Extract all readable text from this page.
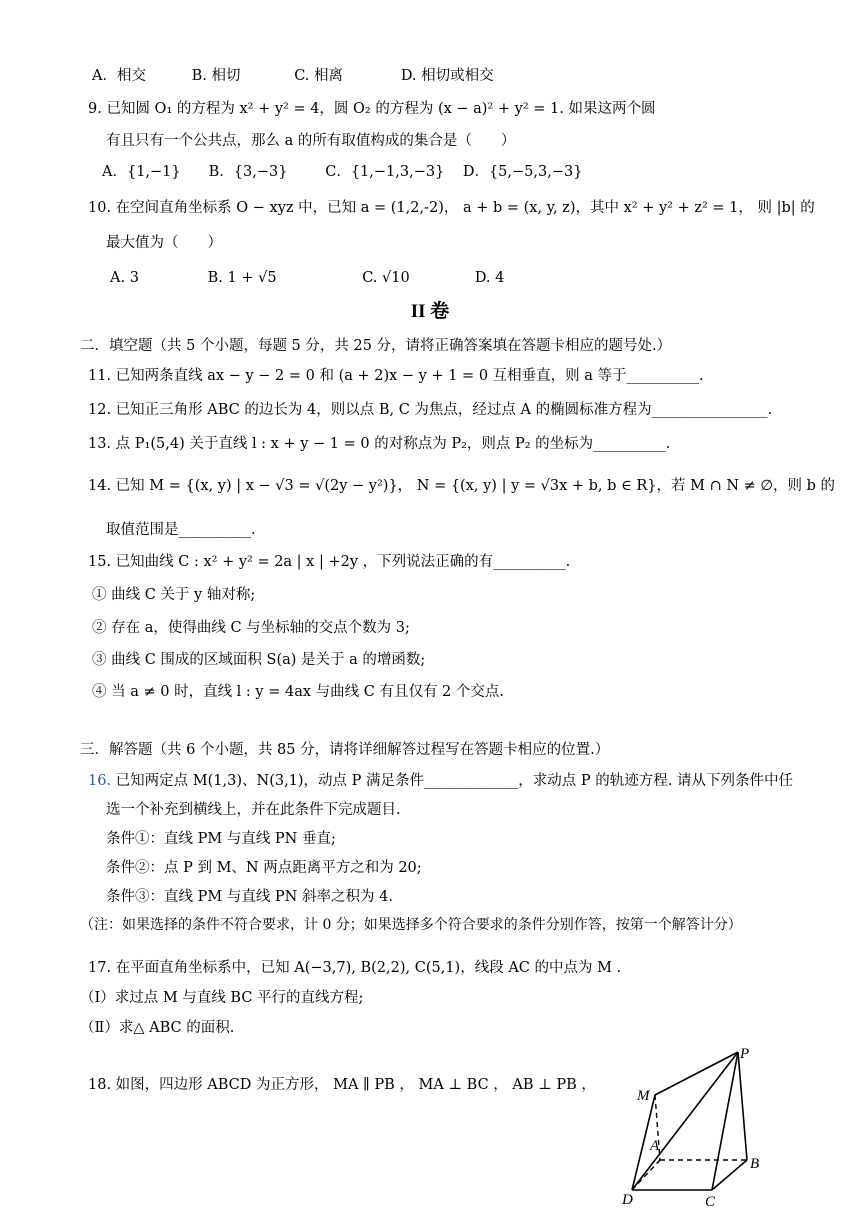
A．相交	B. 相切	C. 相离	D. 相切或相交
9. 已知圆 O₁ 的方程为 x² + y² = 4，圆 O₂ 的方程为 (x − a)² + y² = 1. 如果这两个圆
有且只有一个公共点，那么 a 的所有取值构成的集合是（　　）
A．{1,−1} B．{3,−3}	C．{1,−1,3,−3} D．{5,−5,3,−3}
10. 在空间直角坐标系 O − xyz 中，已知 a = (1,2,-2)， a + b = (x, y, z)，其中 x² + y² + z² = 1， 则 |b| 的
最大值为（　　）
A. 3	B. 1 + √5	C. √10	D. 4
II 卷
二．填空题（共 5 个小题，每题 5 分，共 25 分，请将正确答案填在答题卡相应的题号处.）
11. 已知两条直线 ax − y − 2 = 0 和 (a + 2)x − y + 1 = 0 互相垂直，则 a 等于__________.
12. 已知正三角形 ABC 的边长为 4，则以点 B, C 为焦点，经过点 A 的椭圆标准方程为________________.
13. 点 P₁(5,4) 关于直线 l : x + y − 1 = 0 的对称点为 P₂，则点 P₂ 的坐标为__________.
14. 已知 M = {(x, y) | x − √3 = √(2y − y²)}， N = {(x, y) | y = √3x + b, b ∈ R}，若 M ∩ N ≠ ∅，则 b 的
取值范围是__________.
15. 已知曲线 C : x² + y² = 2a | x | +2y ，下列说法正确的有__________.
① 曲线 C 关于 y 轴对称;
② 存在 a，使得曲线 C 与坐标轴的交点个数为 3;
③ 曲线 C 围成的区域面积 S(a) 是关于 a 的增函数;
④ 当 a ≠ 0 时，直线 l : y = 4ax 与曲线 C 有且仅有 2 个交点.
三．解答题（共 6 个小题，共 85 分，请将详细解答过程写在答题卡相应的位置.）
16. 已知两定点 M(1,3)、N(3,1)，动点 P 满足条件_____________，求动点 P 的轨迹方程. 请从下列条件中任
选一个补充到横线上，并在此条件下完成题目.
条件①：直线 PM 与直线 PN 垂直;
条件②：点 P 到 M、N 两点距离平方之和为 20;
条件③：直线 PM 与直线 PN 斜率之积为 4.
（注：如果选择的条件不符合要求，计 0 分；如果选择多个符合要求的条件分别作答，按第一个解答计分）
17. 在平面直角坐标系中，已知 A(−3,7), B(2,2), C(5,1)，线段 AC 的中点为 M .
（Ⅰ）求过点 M 与直线 BC 平行的直线方程;
（Ⅱ）求△ ABC 的面积.
18. 如图，四边形 ABCD 为正方形， MA ∥ PB ， MA ⊥ BC ， AB ⊥ PB ，
P
M
A
B
D	C
